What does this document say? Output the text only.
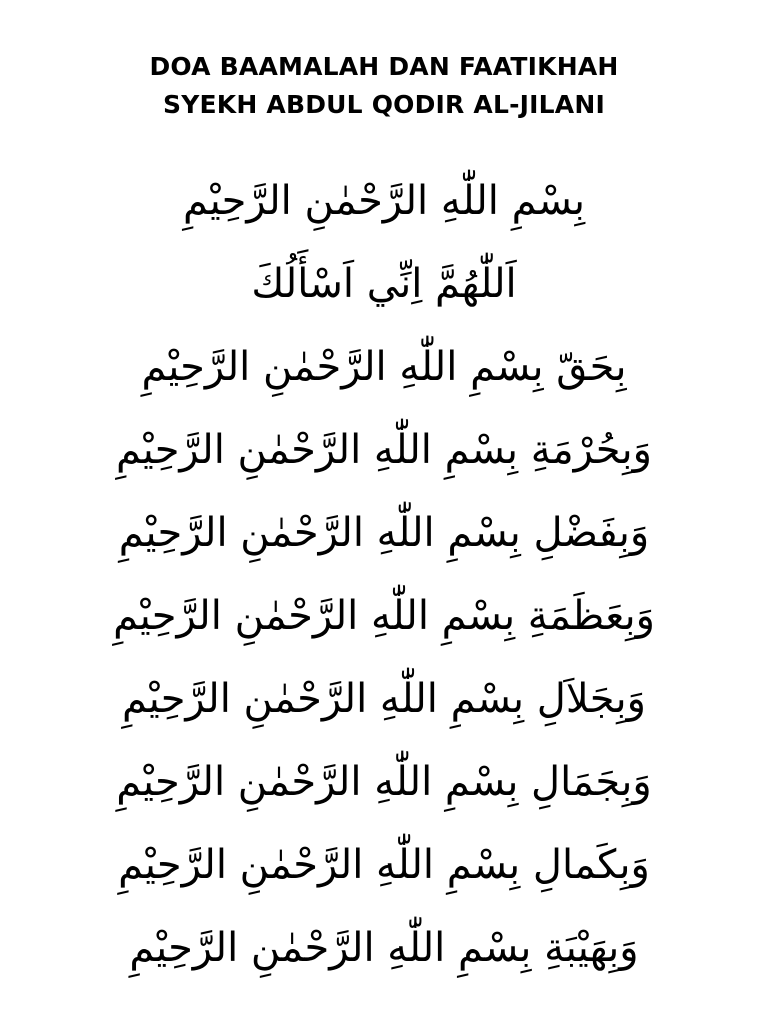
DOA BAAMALAH DAN FAATIKHAH
SYEKH ABDUL QODIR AL-JILANI
بِسْمِ اللّٰهِ الرَّحْمٰنِ الرَّحِيْمِ
اَللّٰهُمَّ اِنِّي اَسْأَلُكَ
بِحَقّ بِسْمِ اللّٰهِ الرَّحْمٰنِ الرَّحِيْمِ
وَبِحُرْمَةِ بِسْمِ اللّٰهِ الرَّحْمٰنِ الرَّحِيْمِ
وَبِفَضْلِ بِسْمِ اللّٰهِ الرَّحْمٰنِ الرَّحِيْمِ
وَبِعَظَمَةِ بِسْمِ اللّٰهِ الرَّحْمٰنِ الرَّحِيْمِ
وَبِجَلاَلِ بِسْمِ اللّٰهِ الرَّحْمٰنِ الرَّحِيْمِ
وَبِجَمَالِ بِسْمِ اللّٰهِ الرَّحْمٰنِ الرَّحِيْمِ
وَبِكَمالِ بِسْمِ اللّٰهِ الرَّحْمٰنِ الرَّحِيْمِ
وَبِهَيْبَةِ بِسْمِ اللّٰهِ الرَّحْمٰنِ الرَّحِيْمِ
